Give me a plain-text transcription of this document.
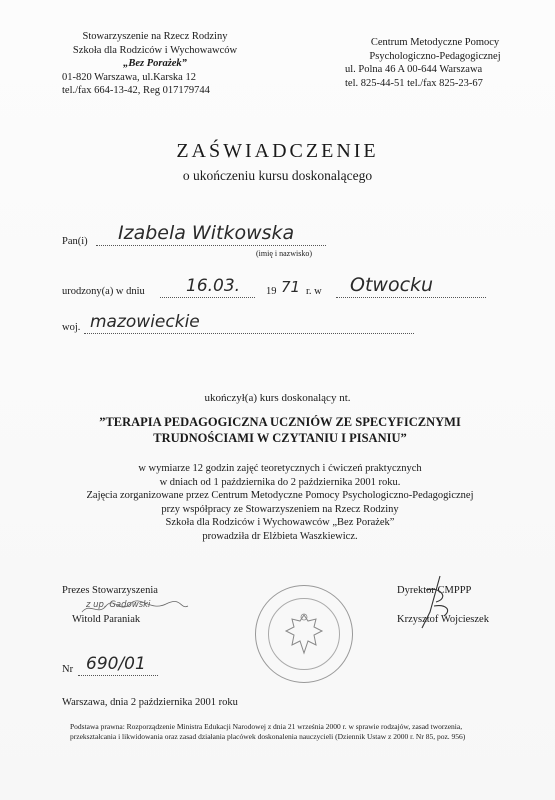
Stowarzyszenie na Rzecz Rodziny
Szkoła dla Rodziców i Wychowawców
„Bez Porażek”
01-820 Warszawa, ul.Karska 12
tel./fax 664-13-42, Reg 017179744
Centrum Metodyczne Pomocy
Psychologiczno-Pedagogicznej
ul. Polna 46 A 00-644 Warszawa
tel. 825-44-51 tel./fax 825-23-67
ZAŚWIADCZENIE
o ukończeniu kursu doskonalącego
Pan(i) Izabela Witkowska
(imię i nazwisko)
urodzony(a) w dniu 16.03. 19 71 r. w Otwocku
woj. mazowieckie
ukończył(a) kurs doskonalący nt.
”TERAPIA PEDAGOGICZNA UCZNIÓW ZE SPECYFICZNYMI
TRUDNOŚCIAMI W CZYTANIU I PISANIU”
w wymiarze 12 godzin zajęć teoretycznych i ćwiczeń praktycznych
w dniach od 1 października do 2 października 2001 roku.
Zajęcia zorganizowane przez Centrum Metodyczne Pomocy Psychologiczno-Pedagogicznej
przy współpracy ze Stowarzyszeniem na Rzecz Rodziny
Szkoła dla Rodziców i Wychowawców „Bez Porażek”
prowadziła dr Elżbieta Waszkiewicz.
Prezes Stowarzyszenia
z up. Gadowski
Witold Paraniak
Dyrektor CMPPP
Krzysztof Wojcieszek
Nr 690/01
Warszawa, dnia 2 października 2001 roku
Podstawa prawna: Rozporządzenie Ministra Edukacji Narodowej z dnia 21 września 2000 r. w sprawie rodzajów, zasad tworzenia, przekształcania i likwidowania oraz zasad działania placówek doskonalenia nauczycieli (Dziennik Ustaw z 2000 r. Nr 85, poz. 956)
